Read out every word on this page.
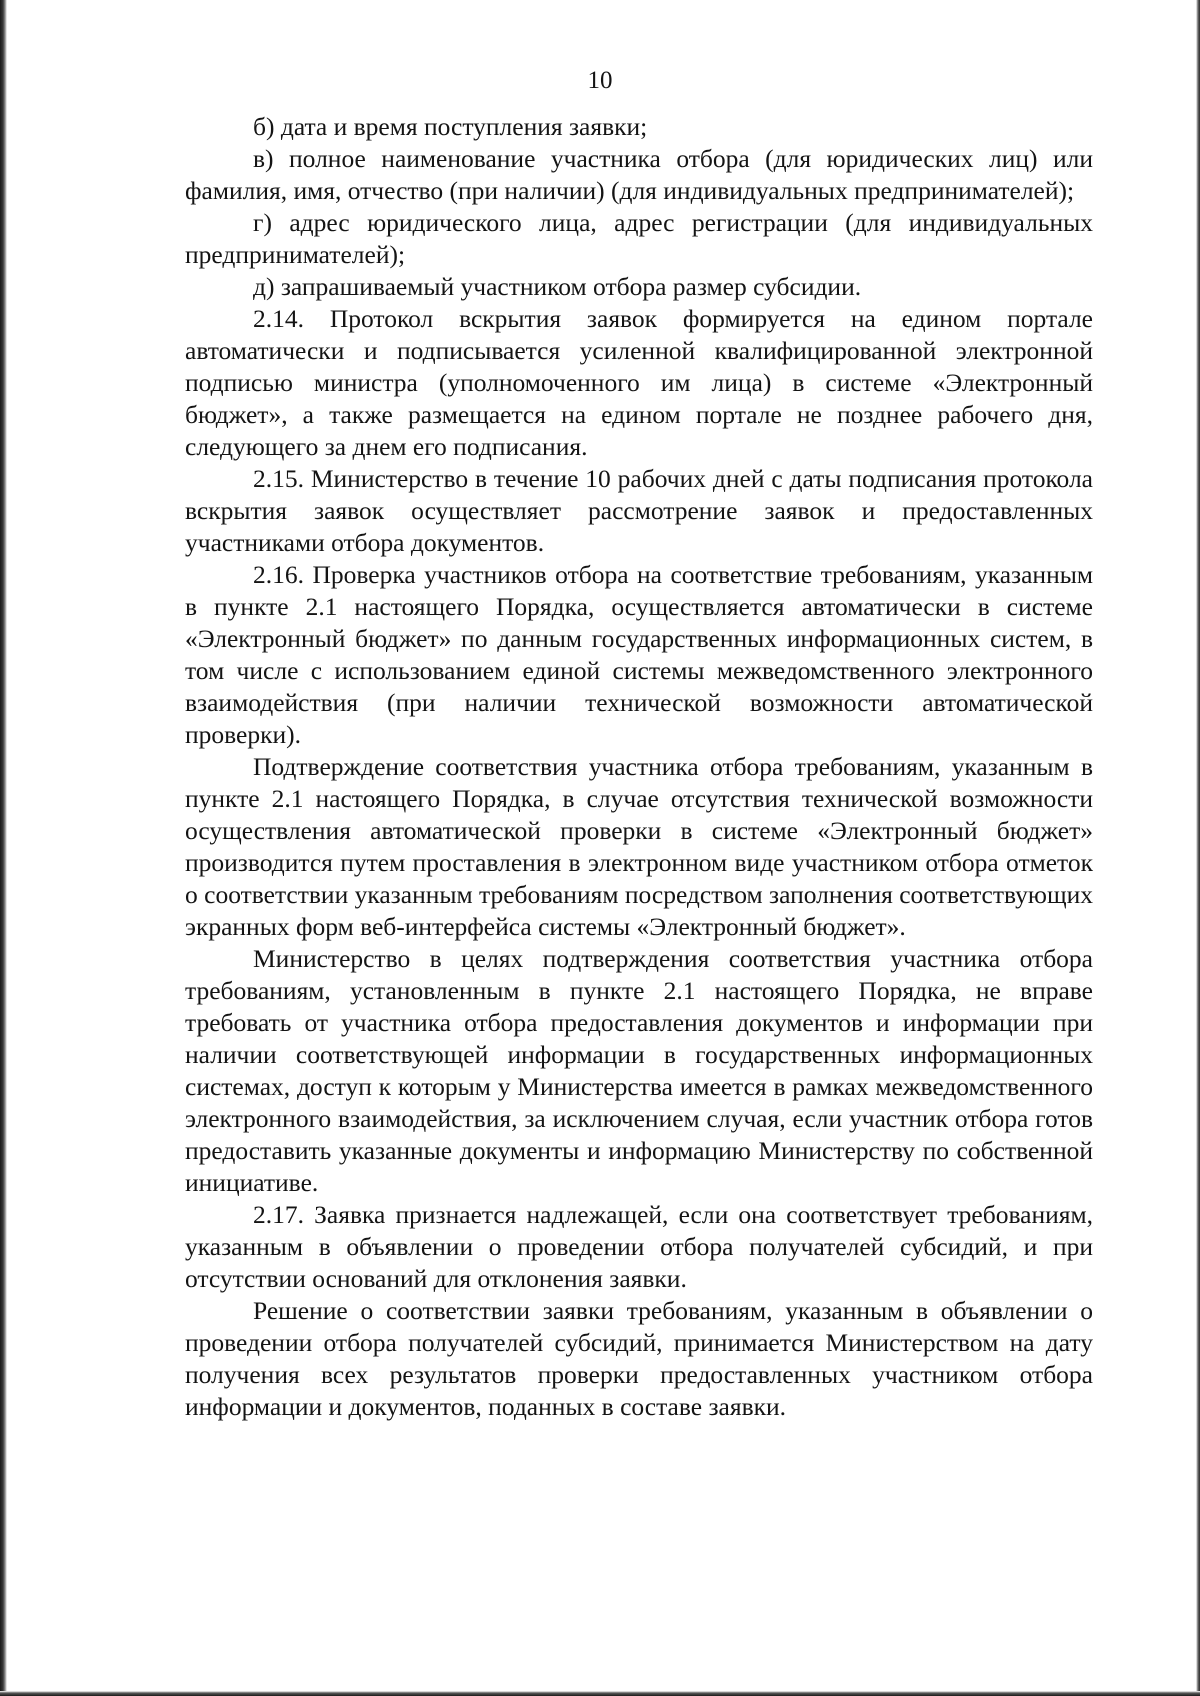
10

б) дата и время поступления заявки;

в) полное наименование участника отбора (для юридических лиц) или фамилия, имя, отчество (при наличии) (для индивидуальных предпринимателей);

г) адрес юридического лица, адрес регистрации (для индивидуальных предпринимателей);

д) запрашиваемый участником отбора размер субсидии.

2.14. Протокол вскрытия заявок формируется на едином портале автоматически и подписывается усиленной квалифицированной электронной подписью министра (уполномоченного им лица) в системе «Электронный бюджет», а также размещается на едином портале не позднее рабочего дня, следующего за днем его подписания.

2.15. Министерство в течение 10 рабочих дней с даты подписания протокола вскрытия заявок осуществляет рассмотрение заявок и предоставленных участниками отбора документов.

2.16. Проверка участников отбора на соответствие требованиям, указанным в пункте 2.1 настоящего Порядка, осуществляется автоматически в системе «Электронный бюджет» по данным государственных информационных систем, в том числе с использованием единой системы межведомственного электронного взаимодействия (при наличии технической возможности автоматической проверки).

Подтверждение соответствия участника отбора требованиям, указанным в пункте 2.1 настоящего Порядка, в случае отсутствия технической возможности осуществления автоматической проверки в системе «Электронный бюджет» производится путем проставления в электронном виде участником отбора отметок о соответствии указанным требованиям посредством заполнения соответствующих экранных форм веб-интерфейса системы «Электронный бюджет».

Министерство в целях подтверждения соответствия участника отбора требованиям, установленным в пункте 2.1 настоящего Порядка, не вправе требовать от участника отбора предоставления документов и информации при наличии соответствующей информации в государственных информационных системах, доступ к которым у Министерства имеется в рамках межведомственного электронного взаимодействия, за исключением случая, если участник отбора готов предоставить указанные документы и информацию Министерству по собственной инициативе.

2.17. Заявка признается надлежащей, если она соответствует требованиям, указанным в объявлении о проведении отбора получателей субсидий, и при отсутствии оснований для отклонения заявки.

Решение о соответствии заявки требованиям, указанным в объявлении о проведении отбора получателей субсидий, принимается Министерством на дату получения всех результатов проверки предоставленных участником отбора информации и документов, поданных в составе заявки.
